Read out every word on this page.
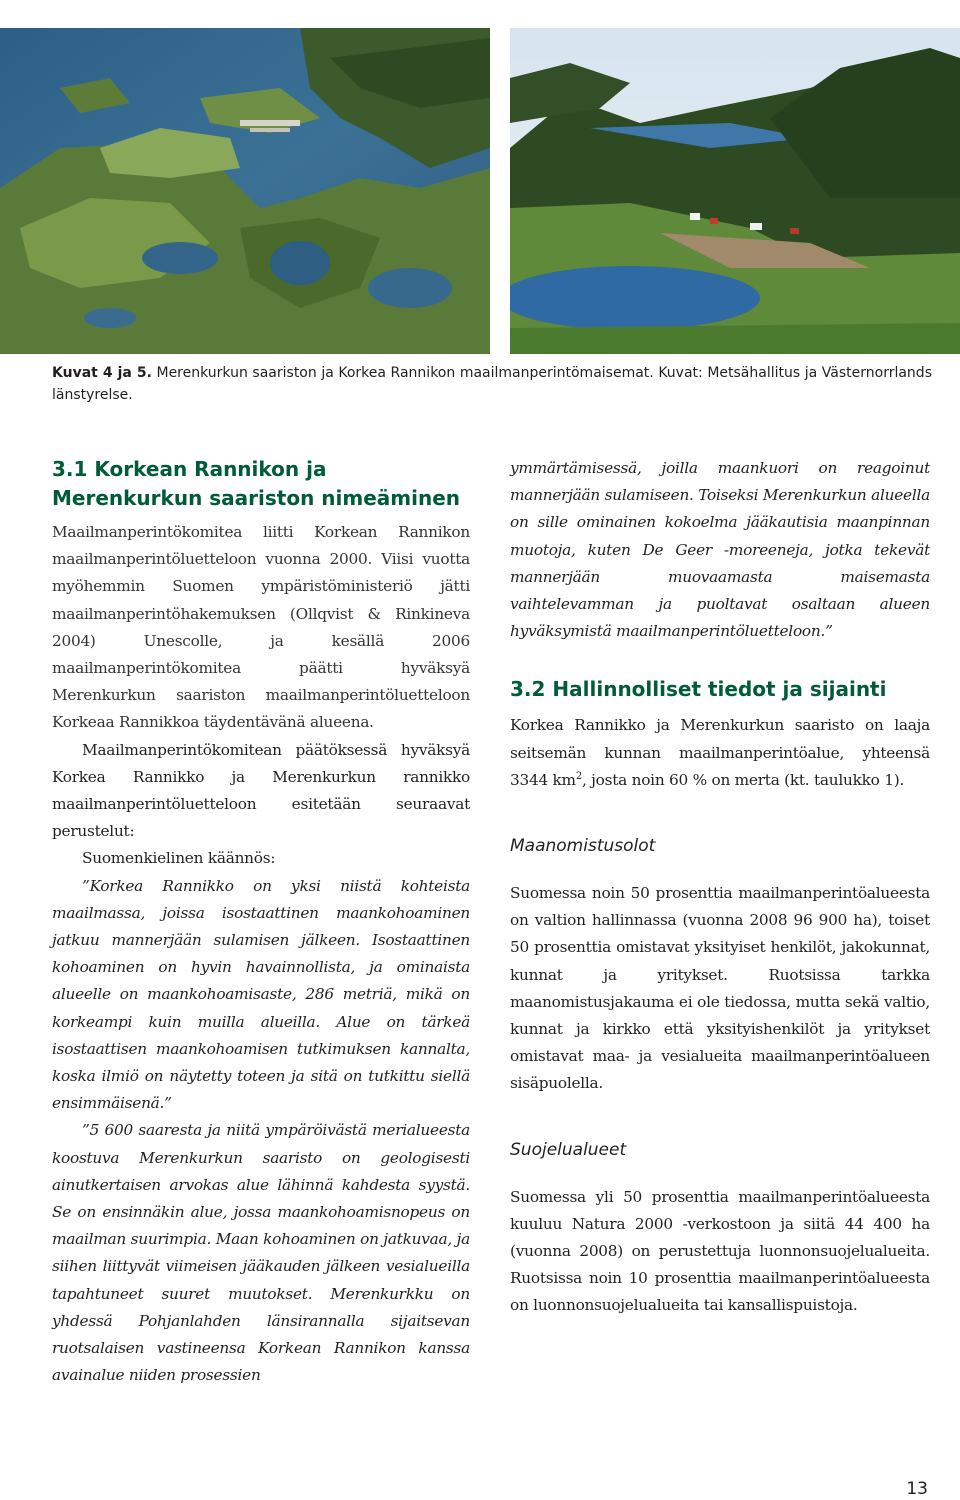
Kuvat 4 ja 5. Merenkurkun saariston ja Korkea Rannikon maailmanperintömaisemat. Kuvat: Metsähallitus ja Västernorrlands länstyrelse.
3.1 Korkean Rannikon ja Merenkurkun saariston nimeäminen

Maailmanperintökomitea liitti Korkean Rannikon maailmanperintöluetteloon vuonna 2000. Viisi vuotta myöhemmin Suomen ympäristöministeriö jätti maailmanperintöhakemuksen (Ollqvist & Rinkineva 2004) Unescolle, ja kesällä 2006 maailmanperintökomitea päätti hyväksyä Merenkurkun saariston maailmanperintöluetteloon Korkeaa Rannikkoa täydentävänä alueena.

Maailmanperintökomitean päätöksessä hyväksyä Korkea Rannikko ja Merenkurkun rannikko maailmanperintöluetteloon esitetään seuraavat perustelut:

Suomenkielinen käännös:

”Korkea Rannikko on yksi niistä kohteista maailmassa, joissa isostaattinen maankohoaminen jatkuu mannerjään sulamisen jälkeen. Isostaattinen kohoaminen on hyvin havainnollista, ja ominaista alueelle on maankohoamisaste, 286 metriä, mikä on korkeampi kuin muilla alueilla. Alue on tärkeä isostaattisen maankohoamisen tutkimuksen kannalta, koska ilmiö on näytetty toteen ja sitä on tutkittu siellä ensimmäisenä.”

”5 600 saaresta ja niitä ympäröivästä merialueesta koostuva Merenkurkun saaristo on geologisesti ainutkertaisen arvokas alue lähinnä kahdesta syystä. Se on ensinnäkin alue, jossa maankohoamisnopeus on maailman suurimpia. Maan kohoaminen on jatkuvaa, ja siihen liittyvät viimeisen jääkauden jälkeen vesialueilla tapahtuneet suuret muutokset. Merenkurkku on yhdessä Pohjanlahden länsirannalla sijaitsevan ruotsalaisen vastineensa Korkean Rannikon kanssa avainalue niiden prosessien

ymmärtämisessä, joilla maankuori on reagoinut mannerjään sulamiseen. Toiseksi Merenkurkun alueella on sille ominainen kokoelma jääkautisia maanpinnan muotoja, kuten De Geer -moreeneja, jotka tekevät mannerjään muovaamasta maisemasta vaihtelevamman ja puoltavat osaltaan alueen hyväksymistä maailmanperintöluetteloon.”

3.2 Hallinnolliset tiedot ja sijainti

Korkea Rannikko ja Merenkurkun saaristo on laaja seitsemän kunnan maailmanperintöalue, yhteensä 3344 $km^2$, josta noin 60 % on merta (kt. taulukko 1).

Maanomistusolot

Suomessa noin 50 prosenttia maailmanperintöalueesta on valtion hallinnassa (vuonna 2008 96 900 ha), toiset 50 prosenttia omistavat yksityiset henkilöt, jakokunnat, kunnat ja yritykset. Ruotsissa tarkka maanomistusjakauma ei ole tiedossa, mutta sekä valtio, kunnat ja kirkko että yksityishenkilöt ja yritykset omistavat maa- ja vesialueita maailmanperintöalueen sisäpuolella.

Suojelualueet

Suomessa yli 50 prosenttia maailmanperintöalueesta kuuluu Natura 2000 -verkostoon ja siitä 44 400 ha (vuonna 2008) on perustettuja luonnonsuojelualueita. Ruotsissa noin 10 prosenttia maailmanperintöalueesta on luonnonsuojelualueita tai kansallispuistoja.

13
